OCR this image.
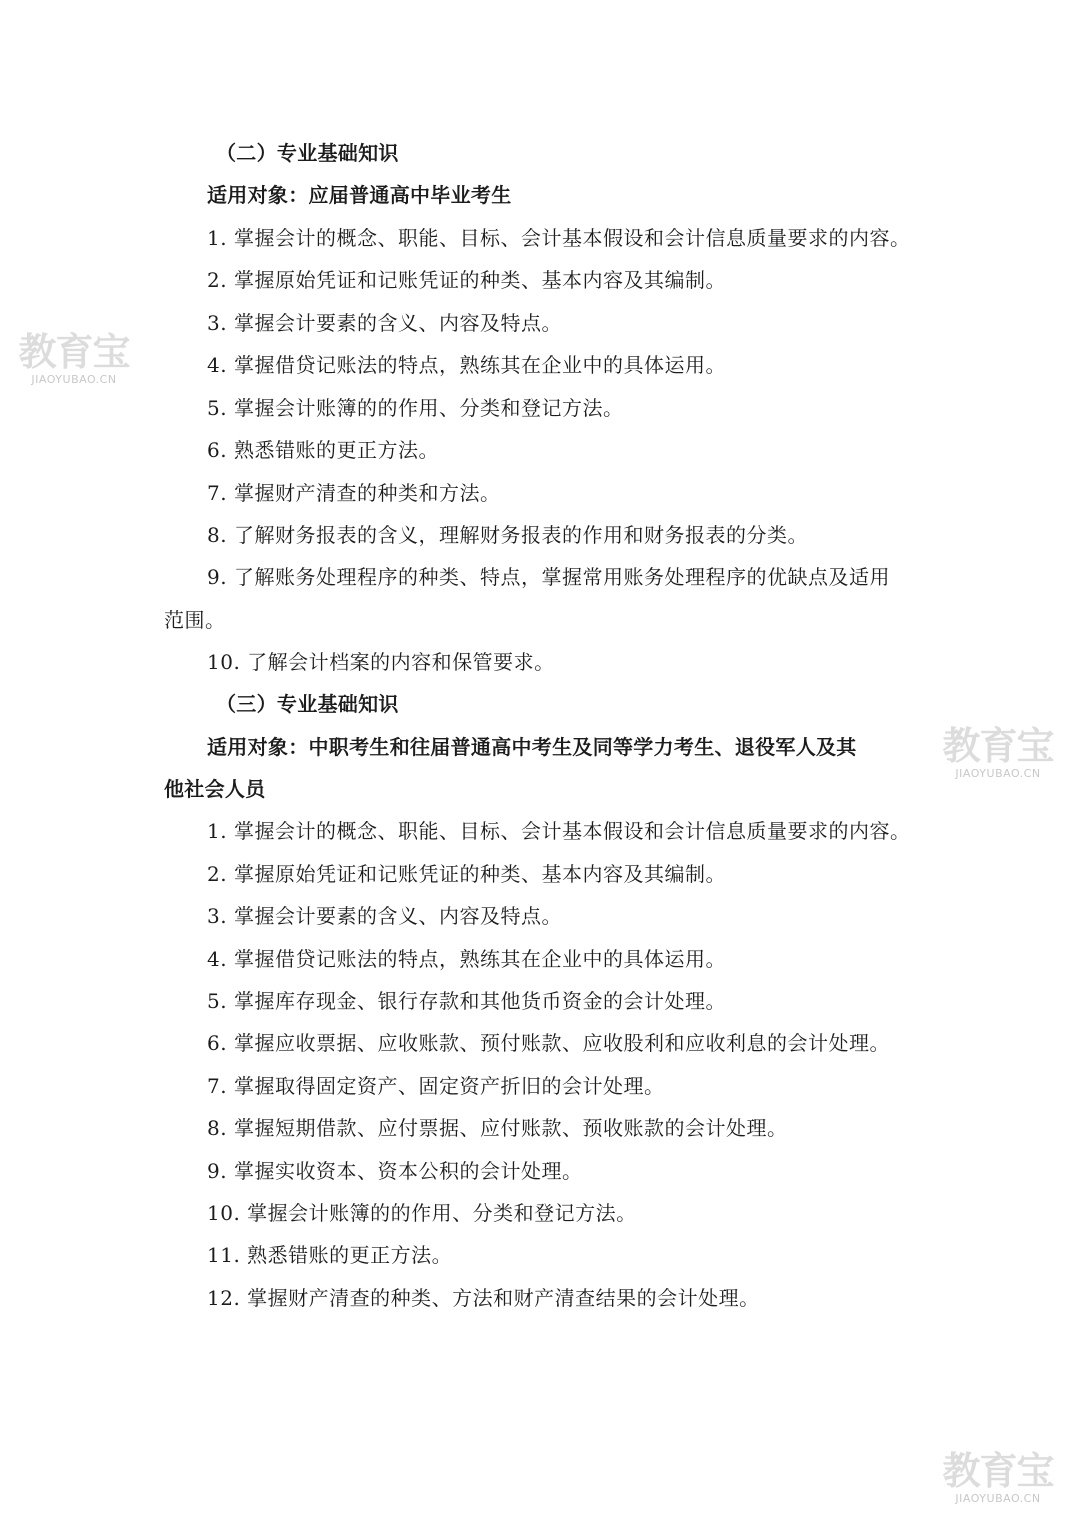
（二）专业基础知识
适用对象：应届普通高中毕业考生
1. 掌握会计的概念、职能、目标、会计基本假设和会计信息质量要求的内容。
2. 掌握原始凭证和记账凭证的种类、基本内容及其编制。
3. 掌握会计要素的含义、内容及特点。
4. 掌握借贷记账法的特点，熟练其在企业中的具体运用。
5. 掌握会计账簿的的作用、分类和登记方法。
6. 熟悉错账的更正方法。
7. 掌握财产清查的种类和方法。
8. 了解财务报表的含义，理解财务报表的作用和财务报表的分类。
9. 了解账务处理程序的种类、特点，掌握常用账务处理程序的优缺点及适用
范围。
10. 了解会计档案的内容和保管要求。
（三）专业基础知识
适用对象：中职考生和往届普通高中考生及同等学力考生、退役军人及其
他社会人员
1. 掌握会计的概念、职能、目标、会计基本假设和会计信息质量要求的内容。
2. 掌握原始凭证和记账凭证的种类、基本内容及其编制。
3. 掌握会计要素的含义、内容及特点。
4. 掌握借贷记账法的特点，熟练其在企业中的具体运用。
5. 掌握库存现金、银行存款和其他货币资金的会计处理。
6. 掌握应收票据、应收账款、预付账款、应收股利和应收利息的会计处理。
7. 掌握取得固定资产、固定资产折旧的会计处理。
8. 掌握短期借款、应付票据、应付账款、预收账款的会计处理。
9. 掌握实收资本、资本公积的会计处理。
10. 掌握会计账簿的的作用、分类和登记方法。
11. 熟悉错账的更正方法。
12. 掌握财产清查的种类、方法和财产清查结果的会计处理。
教育宝
JIAOYUBAO.CN
教育宝
JIAOYUBAO.CN
教育宝
JIAOYUBAO.CN
